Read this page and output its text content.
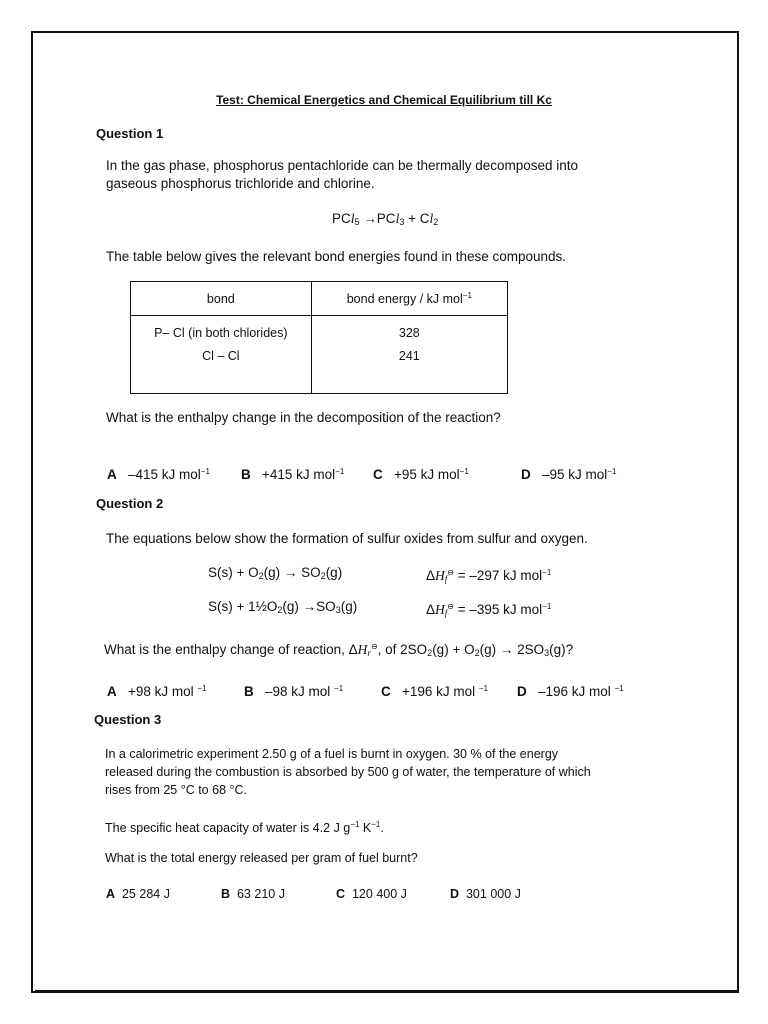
Test: Chemical Energetics and Chemical Equilibrium till Kc
Question 1
In the gas phase, phosphorus pentachloride can be thermally decomposed into
gaseous phosphorus trichloride and chlorine.
$PCl_5 \to PCl_3 + Cl_2$
The table below gives the relevant bond energies found in these compounds.
bond	bond energy / kJ mol$^{-1}$
P– Cl (in both chlorides)	328
Cl – Cl	241

What is the enthalpy change in the decomposition of the reaction?
A   –415 kJ mol$^{-1}$ B   +415 kJ mol$^{-1}$ C   +95 kJ mol$^{-1}$	D   –95 kJ mol$^{-1}$
Question 2
The equations below show the formation of sulfur oxides from sulfur and oxygen.
$S(s) + O_2(g) \to SO_2(g)$	$\Delta H_f^⊖ = -297$ kJ mol$^{-1}$
$S(s) + 1\frac{1}{2}O_2(g) \to SO_3(g)$	$\Delta H_f^⊖ = -395$ kJ mol$^{-1}$
What is the enthalpy change of reaction, $\Delta H_r^⊖$, of $2SO_2(g) + O_2(g) \to 2SO_3(g)$?
A   +98 kJ mol $^{-1}$	B   –98 kJ mol $^{-1}$	C   +196 kJ mol $^{-1}$ D   –196 kJ mol $^{-1}$
Question 3
In a calorimetric experiment 2.50 g of a fuel is burnt in oxygen. 30 % of the energy
released during the combustion is absorbed by 500 g of water, the temperature of which
rises from 25 °C to 68 °C.
The specific heat capacity of water is 4.2 J $g^{-1}$ $K^{-1}$.
What is the total energy released per gram of fuel burnt?
A 25 284 J	B 63 210 J	C 120 400 J	D 301 000 J
